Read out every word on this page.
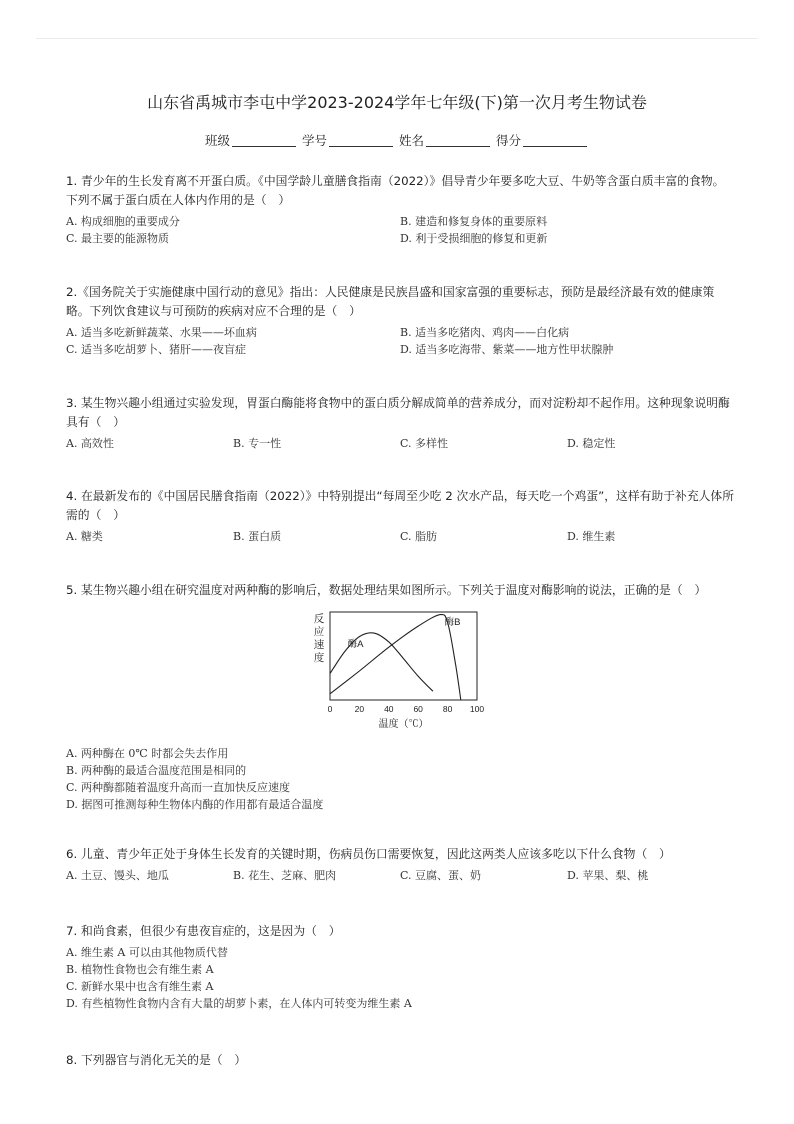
山东省禹城市李屯中学2023-2024学年七年级(下)第一次月考生物试卷
班级	学号	姓名	得分
1. 青少年的生长发育离不开蛋白质。《中国学龄儿童膳食指南（2022）》倡导青少年要多吃大豆、牛奶等含蛋白质丰富的食物。下列不属于蛋白质在人体内作用的是（　）
A. 构成细胞的重要成分	B. 建造和修复身体的重要原料
C. 最主要的能源物质	D. 利于受损细胞的修复和更新
2.《国务院关于实施健康中国行动的意见》指出：人民健康是民族昌盛和国家富强的重要标志，预防是最经济最有效的健康策略。下列饮食建议与可预防的疾病对应不合理的是（　）
A. 适当多吃新鲜蔬菜、水果——坏血病	B. 适当多吃猪肉、鸡肉——白化病
C. 适当多吃胡萝卜、猪肝——夜盲症	D. 适当多吃海带、紫菜——地方性甲状腺肿
3. 某生物兴趣小组通过实验发现，胃蛋白酶能将食物中的蛋白质分解成简单的营养成分，而对淀粉却不起作用。这种现象说明酶具有（　）
A. 高效性	B. 专一性	C. 多样性	D. 稳定性
4. 在最新发布的《中国居民膳食指南（2022）》中特别提出“每周至少吃 2 次水产品，每天吃一个鸡蛋”，这样有助于补充人体所需的（　）
A. 糖类	B. 蛋白质	C. 脂肪	D. 维生素
5. 某生物兴趣小组在研究温度对两种酶的影响后，数据处理结果如图所示。下列关于温度对酶影响的说法，正确的是（　）
反
应
速
度
酶A
酶B
0	20 40 60 80 100
温度（℃）
A. 两种酶在 0℃ 时都会失去作用
B. 两种酶的最适合温度范围是相同的
C. 两种酶都随着温度升高而一直加快反应速度
D. 据图可推测每种生物体内酶的作用都有最适合温度
6. 儿童、青少年正处于身体生长发育的关键时期，伤病员伤口需要恢复，因此这两类人应该多吃以下什么食物（　）
A. 土豆、馒头、地瓜	B. 花生、芝麻、肥肉	C. 豆腐、蛋、奶	D. 苹果、梨、桃
7. 和尚食素，但很少有患夜盲症的，这是因为（　）
A. 维生素 A 可以由其他物质代替
B. 植物性食物也会有维生素 A
C. 新鲜水果中也含有维生素 A
D. 有些植物性食物内含有大量的胡萝卜素，在人体内可转变为维生素 A
8. 下列器官与消化无关的是（　）
